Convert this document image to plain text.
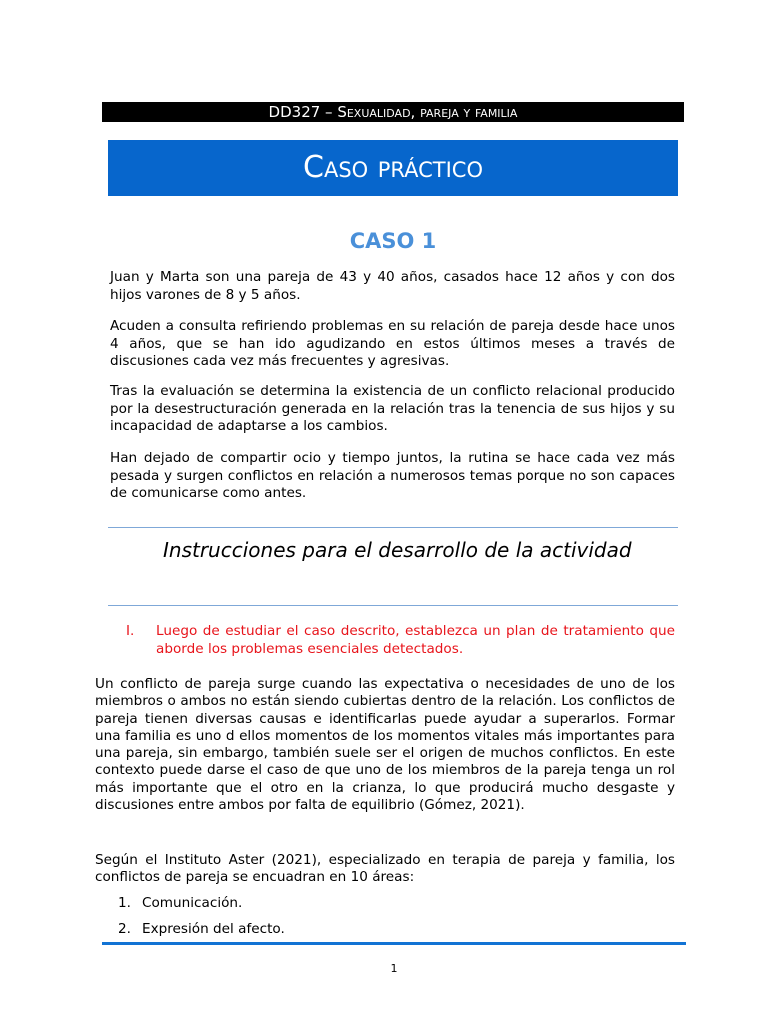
DD327 – Sexualidad, pareja y familia
Caso práctico
CASO 1

Juan y Marta son una pareja de 43 y 40 años, casados hace 12 años y con dos hijos varones de 8 y 5 años.

Acuden a consulta refiriendo problemas en su relación de pareja desde hace unos 4 años, que se han ido agudizando en estos últimos meses a través de discusiones cada vez más frecuentes y agresivas.

Tras la evaluación se determina la existencia de un conflicto relacional producido por la desestructuración generada en la relación tras la tenencia de sus hijos y su incapacidad de adaptarse a los cambios.

Han dejado de compartir ocio y tiempo juntos, la rutina se hace cada vez más pesada y surgen conflictos en relación a numerosos temas porque no son capaces de comunicarse como antes.

Instrucciones para el desarrollo de la actividad
I. Luego de estudiar el caso descrito, establezca un plan de tratamiento que aborde los problemas esenciales detectados.

Un conflicto de pareja surge cuando las expectativa o necesidades de uno de los miembros o ambos no están siendo cubiertas dentro de la relación. Los conflictos de pareja tienen diversas causas e identificarlas puede ayudar a superarlos. Formar una familia es uno d ellos momentos de los momentos vitales más importantes para una pareja, sin embargo, también suele ser el origen de muchos conflictos. En este contexto puede darse el caso de que uno de los miembros de la pareja tenga un rol más importante que el otro en la crianza, lo que producirá mucho desgaste y discusiones entre ambos por falta de equilibrio (Gómez, 2021).

Según el Instituto Aster (2021), especializado en terapia de pareja y familia, los conflictos de pareja se encuadran en 10 áreas:

1. Comunicación.
2. Expresión del afecto.
1
